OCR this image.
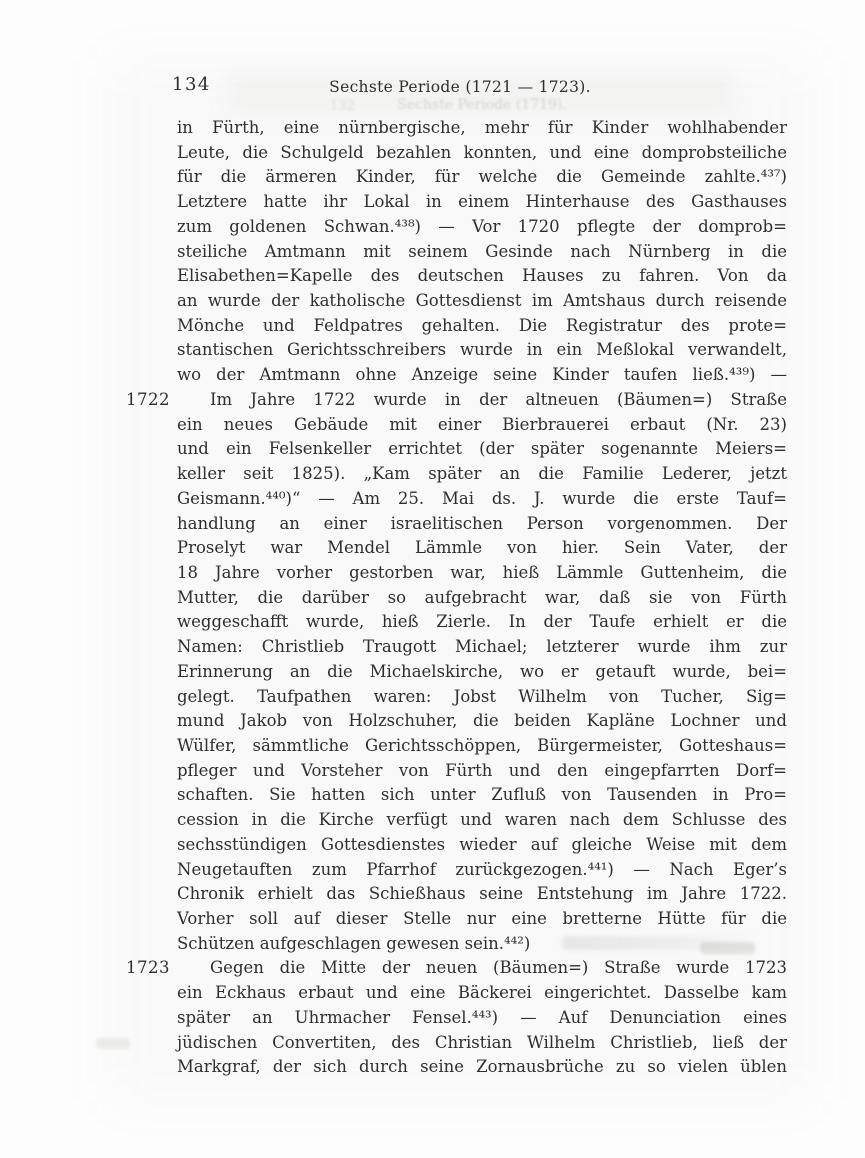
Sechste Periode (1719).
132
134	Sechste Periode (1721 — 1723).
in Fürth, eine nürnbergische, mehr für Kinder wohlhabender
Leute, die Schulgeld bezahlen konnten, und eine domprobsteiliche
für die ärmeren Kinder, für welche die Gemeinde zahlte.⁴³⁷)
Letztere hatte ihr Lokal in einem Hinterhause des Gasthauses
zum goldenen Schwan.⁴³⁸) — Vor 1720 pflegte der domprob=
steiliche Amtmann mit seinem Gesinde nach Nürnberg in die
Elisabethen=Kapelle des deutschen Hauses zu fahren. Von da
an wurde der katholische Gottesdienst im Amtshaus durch reisende
Mönche und Feldpatres gehalten. Die Registratur des prote=
stantischen Gerichtsschreibers wurde in ein Meßlokal verwandelt,
wo der Amtmann ohne Anzeige seine Kinder taufen ließ.⁴³⁹) —
1722 Im Jahre 1722 wurde in der altneuen (Bäumen=) Straße
ein neues Gebäude mit einer Bierbrauerei erbaut (Nr. 23)
und ein Felsenkeller errichtet (der später sogenannte Meiers=
keller seit 1825). „Kam später an die Familie Lederer, jetzt
Geismann.⁴⁴⁰)“ — Am 25. Mai ds. J. wurde die erste Tauf=
handlung an einer israelitischen Person vorgenommen. Der
Proselyt war Mendel Lämmle von hier. Sein Vater, der
18 Jahre vorher gestorben war, hieß Lämmle Guttenheim, die
Mutter, die darüber so aufgebracht war, daß sie von Fürth
weggeschafft wurde, hieß Zierle. In der Taufe erhielt er die
Namen: Christlieb Traugott Michael; letzterer wurde ihm zur
Erinnerung an die Michaelskirche, wo er getauft wurde, bei=
gelegt. Taufpathen waren: Jobst Wilhelm von Tucher, Sig=
mund Jakob von Holzschuher, die beiden Kapläne Lochner und
Wülfer, sämmtliche Gerichtsschöppen, Bürgermeister, Gotteshaus=
pfleger und Vorsteher von Fürth und den eingepfarrten Dorf=
schaften. Sie hatten sich unter Zufluß von Tausenden in Pro=
cession in die Kirche verfügt und waren nach dem Schlusse des
sechsstündigen Gottesdienstes wieder auf gleiche Weise mit dem
Neugetauften zum Pfarrhof zurückgezogen.⁴⁴¹) — Nach Eger’s
Chronik erhielt das Schießhaus seine Entstehung im Jahre 1722.
Vorher soll auf dieser Stelle nur eine bretterne Hütte für die
Schützen aufgeschlagen gewesen sein.⁴⁴²)
1723 Gegen die Mitte der neuen (Bäumen=) Straße wurde 1723
ein Eckhaus erbaut und eine Bäckerei eingerichtet. Dasselbe kam
später an Uhrmacher Fensel.⁴⁴³) — Auf Denunciation eines
jüdischen Convertiten, des Christian Wilhelm Christlieb, ließ der
Markgraf, der sich durch seine Zornausbrüche zu so vielen üblen
